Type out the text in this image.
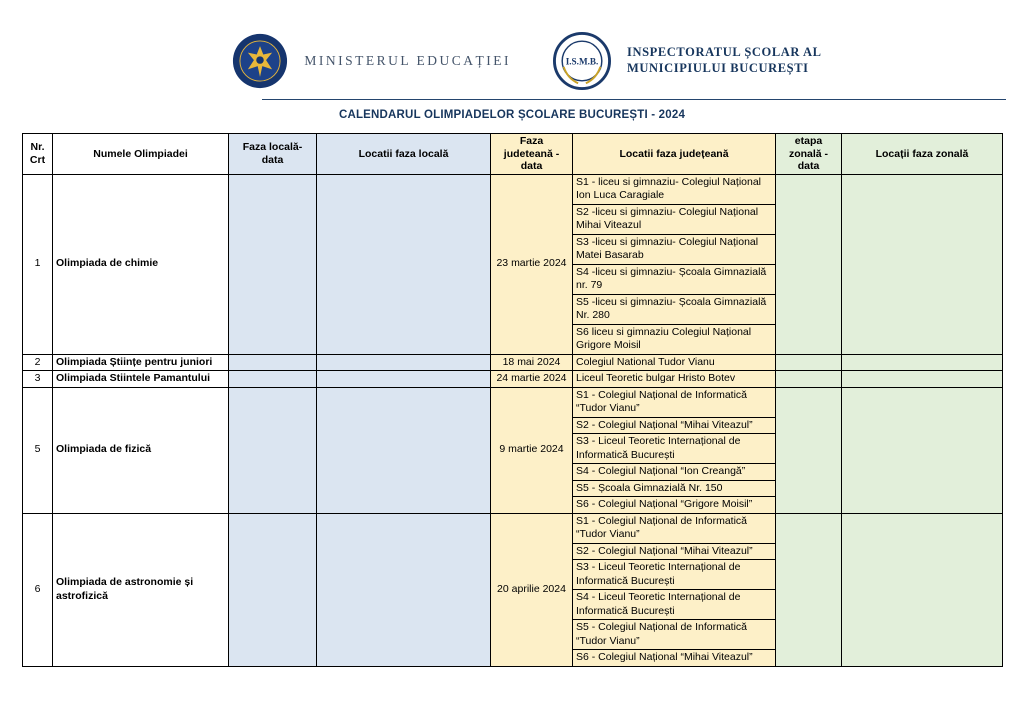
MINISTERUL EDUCAȚIEI	I.S.M.B.
INSPECTORATUL ȘCOLAR AL
MUNICIPIULUI BUCUREȘTI
CALENDARUL OLIMPIADELOR ȘCOLARE BUCUREȘTI - 2024
Nr. Crt	Numele Olimpiadei	Faza locală- data	Locatii faza locală	Faza judeteană - data	Locatii faza județeană	etapa zonală - data	Locații faza zonală
1	Olimpiada de chimie			23 martie 2024	S1 - liceu si gimnaziu- Colegiul Național Ion Luca Caragiale		
					S2 -liceu si gimnaziu- Colegiul Național Mihai Viteazul		
					S3 -liceu si gimnaziu- Colegiul Național Matei Basarab		
					S4 -liceu si gimnaziu- Școala Gimnazială nr. 79		
					S5 -liceu si gimnaziu- Școala Gimnazială Nr. 280		
					S6 liceu si gimnaziu Colegiul Național Grigore Moisil		
2	Olimpiada Științe pentru juniori			18 mai 2024	Colegiul National Tudor Vianu		
3	Olimpiada Stiintele Pamantului			24 martie 2024	Liceul Teoretic bulgar Hristo Botev		
5	Olimpiada de fizică			9 martie 2024	S1 - Colegiul Național de Informatică “Tudor Vianu”		
					S2 - Colegiul Național “Mihai Viteazul”		
					S3 - Liceul Teoretic Internațional de Informatică București		
					S4 - Colegiul Național “Ion Creangă”		
					S5 - Școala Gimnazială Nr. 150		
					S6 - Colegiul Național “Grigore Moisil”		
6	Olimpiada de astronomie și astrofizică			20 aprilie 2024	S1 - Colegiul Național de Informatică “Tudor Vianu”		
					S2 - Colegiul Național “Mihai Viteazul”		
					S3 - Liceul Teoretic Internațional de Informatică București		
					S4 - Liceul Teoretic Internațional de Informatică București		
					S5 - Colegiul Național de Informatică “Tudor Vianu”		
					S6 - Colegiul Național “Mihai Viteazul”		
